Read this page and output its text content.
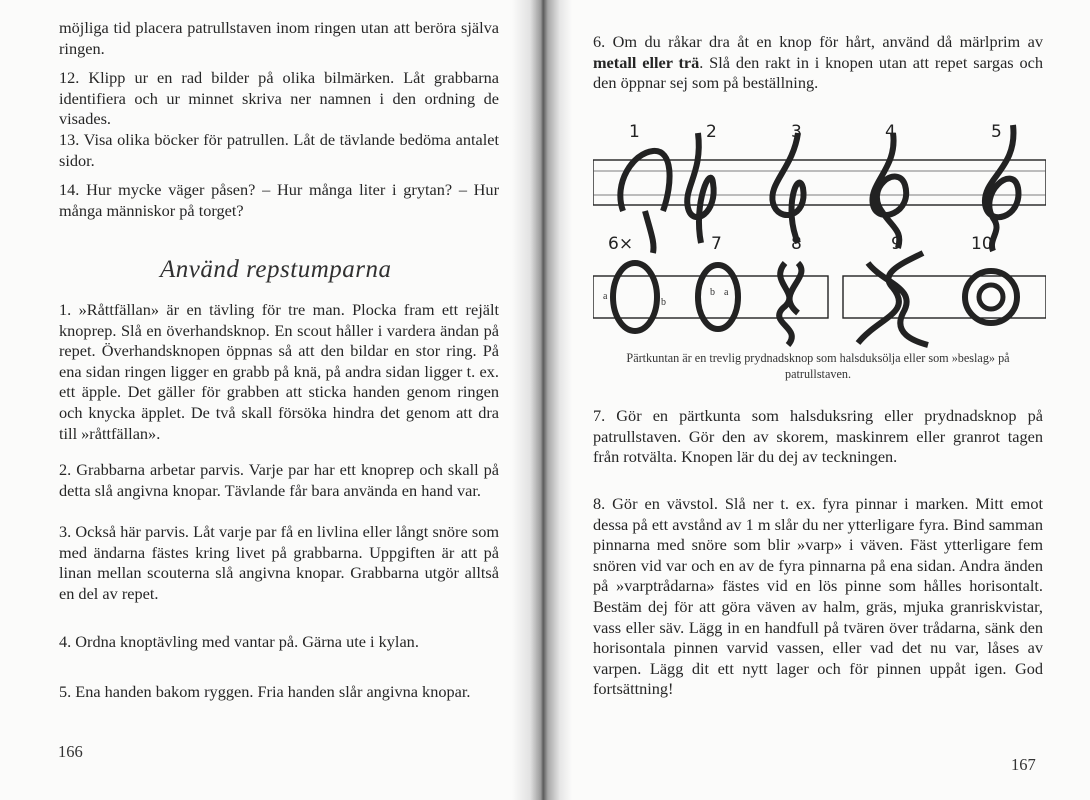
möjliga tid placera patrullstaven inom ringen utan att beröra själva ringen.

12. Klipp ur en rad bilder på olika bilmärken. Låt grabbarna identifiera och ur minnet skriva ner namnen i den ordning de visades.

13. Visa olika böcker för patrullen. Låt de tävlande bedöma antalet sidor.

14. Hur mycke väger påsen? – Hur många liter i grytan? – Hur många människor på torget?

Använd repstumparna

1. »Råttfällan» är en tävling för tre man. Plocka fram ett rejält knoprep. Slå en överhandsknop. En scout håller i vardera ändan på repet. Överhandsknopen öppnas så att den bildar en stor ring. På ena sidan ringen ligger en grabb på knä, på andra sidan ligger t. ex. ett äpple. Det gäller för grabben att sticka handen genom ringen och knycka äpplet. De två skall försöka hindra det genom att dra till »råttfällan».

2. Grabbarna arbetar parvis. Varje par har ett knoprep och skall på detta slå angivna knopar. Tävlande får bara använda en hand var.

3. Också här parvis. Låt varje par få en livlina eller långt snöre som med ändarna fästes kring livet på grabbarna. Uppgiften är att på linan mellan scouterna slå angivna knopar. Grabbarna utgör alltså en del av repet.

4. Ordna knoptävling med vantar på. Gärna ute i kylan.

5. Ena handen bakom ryggen. Fria handen slår angivna knopar.

166

6. Om du råkar dra åt en knop för hårt, använd då märlprim av metall eller trä. Slå den rakt in i knopen utan att repet sargas och den öppnar sej som på beställning.

1	2	3	4	5
6×	7	8	9	10
a
b
b a

Pärtkuntan är en trevlig prydnadsknop som halsduksölja eller som »beslag» på patrullstaven.

7. Gör en pärtkunta som halsduksring eller prydnadsknop på patrullstaven. Gör den av skorem, maskinrem eller granrot tagen från rotvälta. Knopen lär du dej av teckningen.

8. Gör en vävstol. Slå ner t. ex. fyra pinnar i marken. Mitt emot dessa på ett avstånd av 1 m slår du ner ytterligare fyra. Bind samman pinnarna med snöre som blir »varp» i väven. Fäst ytterligare fem snören vid var och en av de fyra pinnarna på ena sidan. Andra änden på »varptrådarna» fästes vid en lös pinne som hålles horisontalt. Bestäm dej för att göra väven av halm, gräs, mjuka granriskvistar, vass eller säv. Lägg in en handfull på tvären över trådarna, sänk den horisontala pinnen varvid vassen, eller vad det nu var, låses av varpen. Lägg dit ett nytt lager och för pinnen uppåt igen. God fortsättning!

167
